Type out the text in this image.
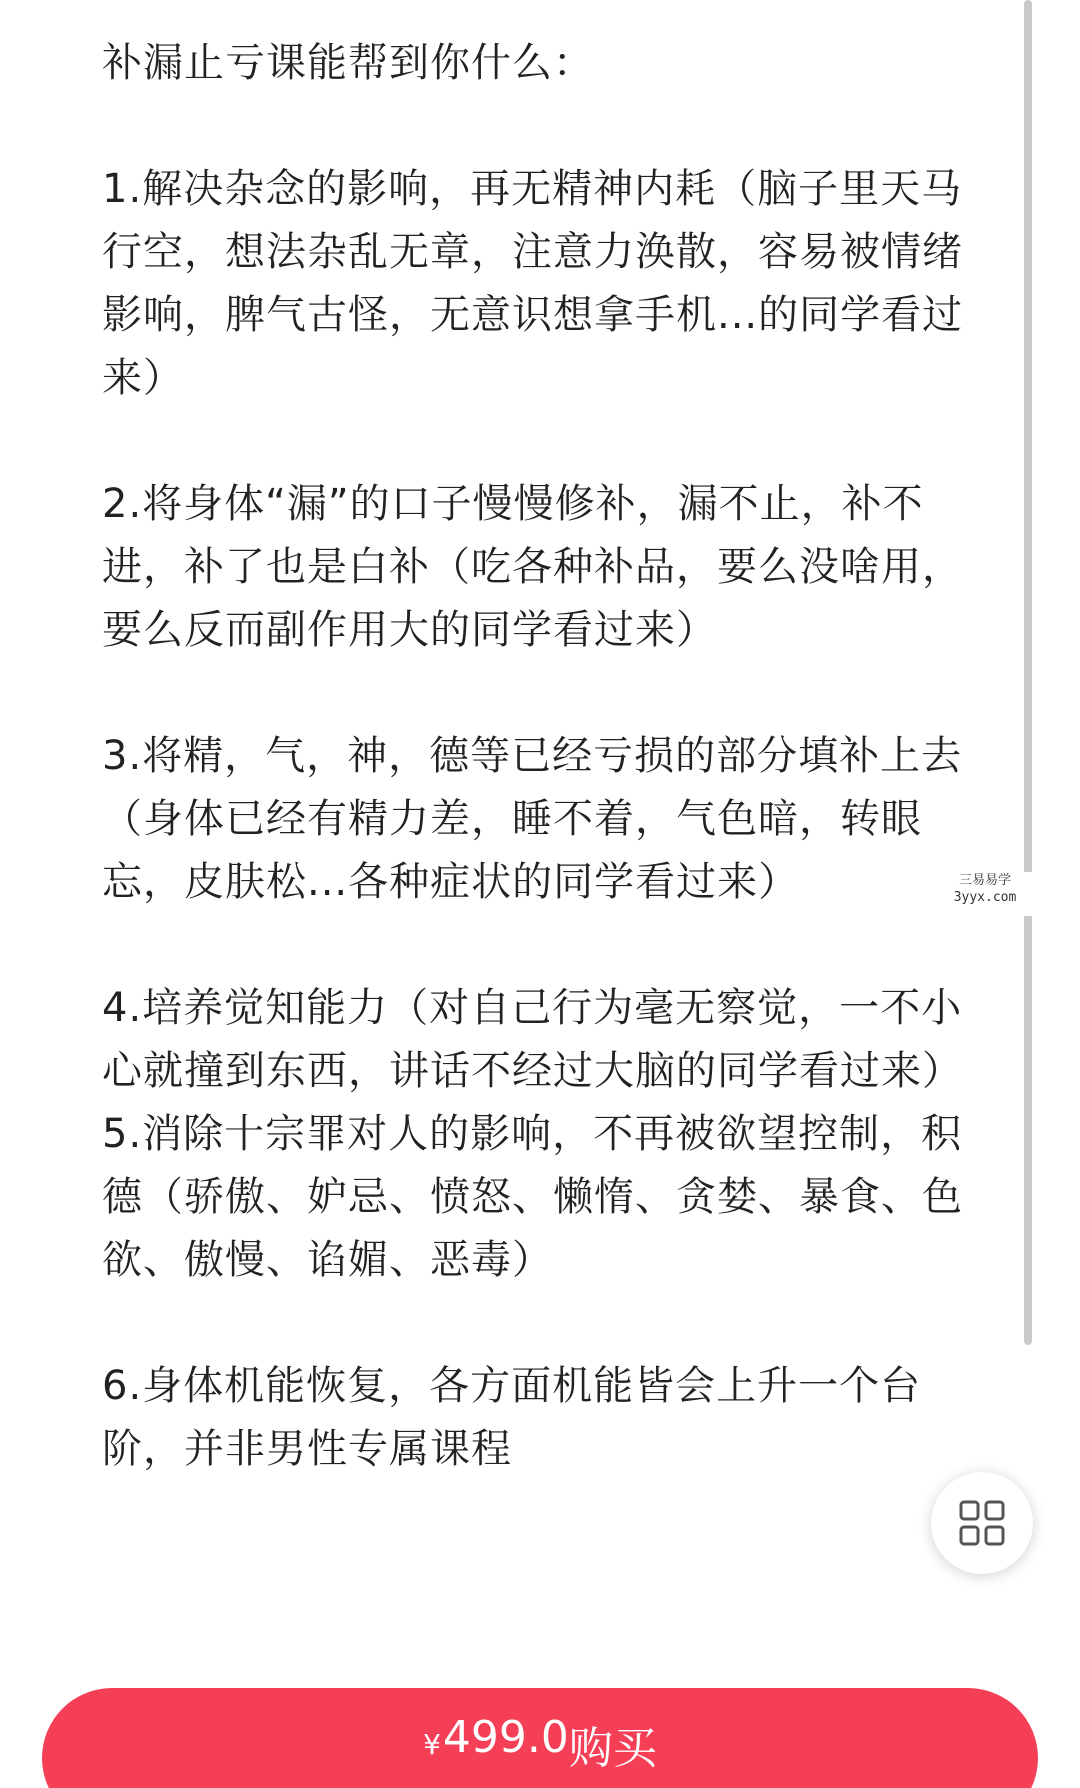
补漏止亏课能帮到你什么：

1.解决杂念的影响，再无精神内耗（脑子里天马行空，想法杂乱无章，注意力涣散，容易被情绪影响，脾气古怪，无意识想拿手机...的同学看过来）

2.将身体“漏”的口子慢慢修补，漏不止，补不进，补了也是白补（吃各种补品，要么没啥用，要么反而副作用大的同学看过来）

3.将精，气，神，德等已经亏损的部分填补上去（身体已经有精力差，睡不着，气色暗，转眼忘，皮肤松...各种症状的同学看过来）

4.培养觉知能力（对自己行为毫无察觉，一不小心就撞到东西，讲话不经过大脑的同学看过来）

5.消除十宗罪对人的影响，不再被欲望控制，积德（骄傲、妒忌、愤怒、懒惰、贪婪、暴食、色欲、傲慢、谄媚、恶毒）

6.身体机能恢复，各方面机能皆会上升一个台阶，并非男性专属课程

三易易学
3yyx.com
¥ 499.0 购买
